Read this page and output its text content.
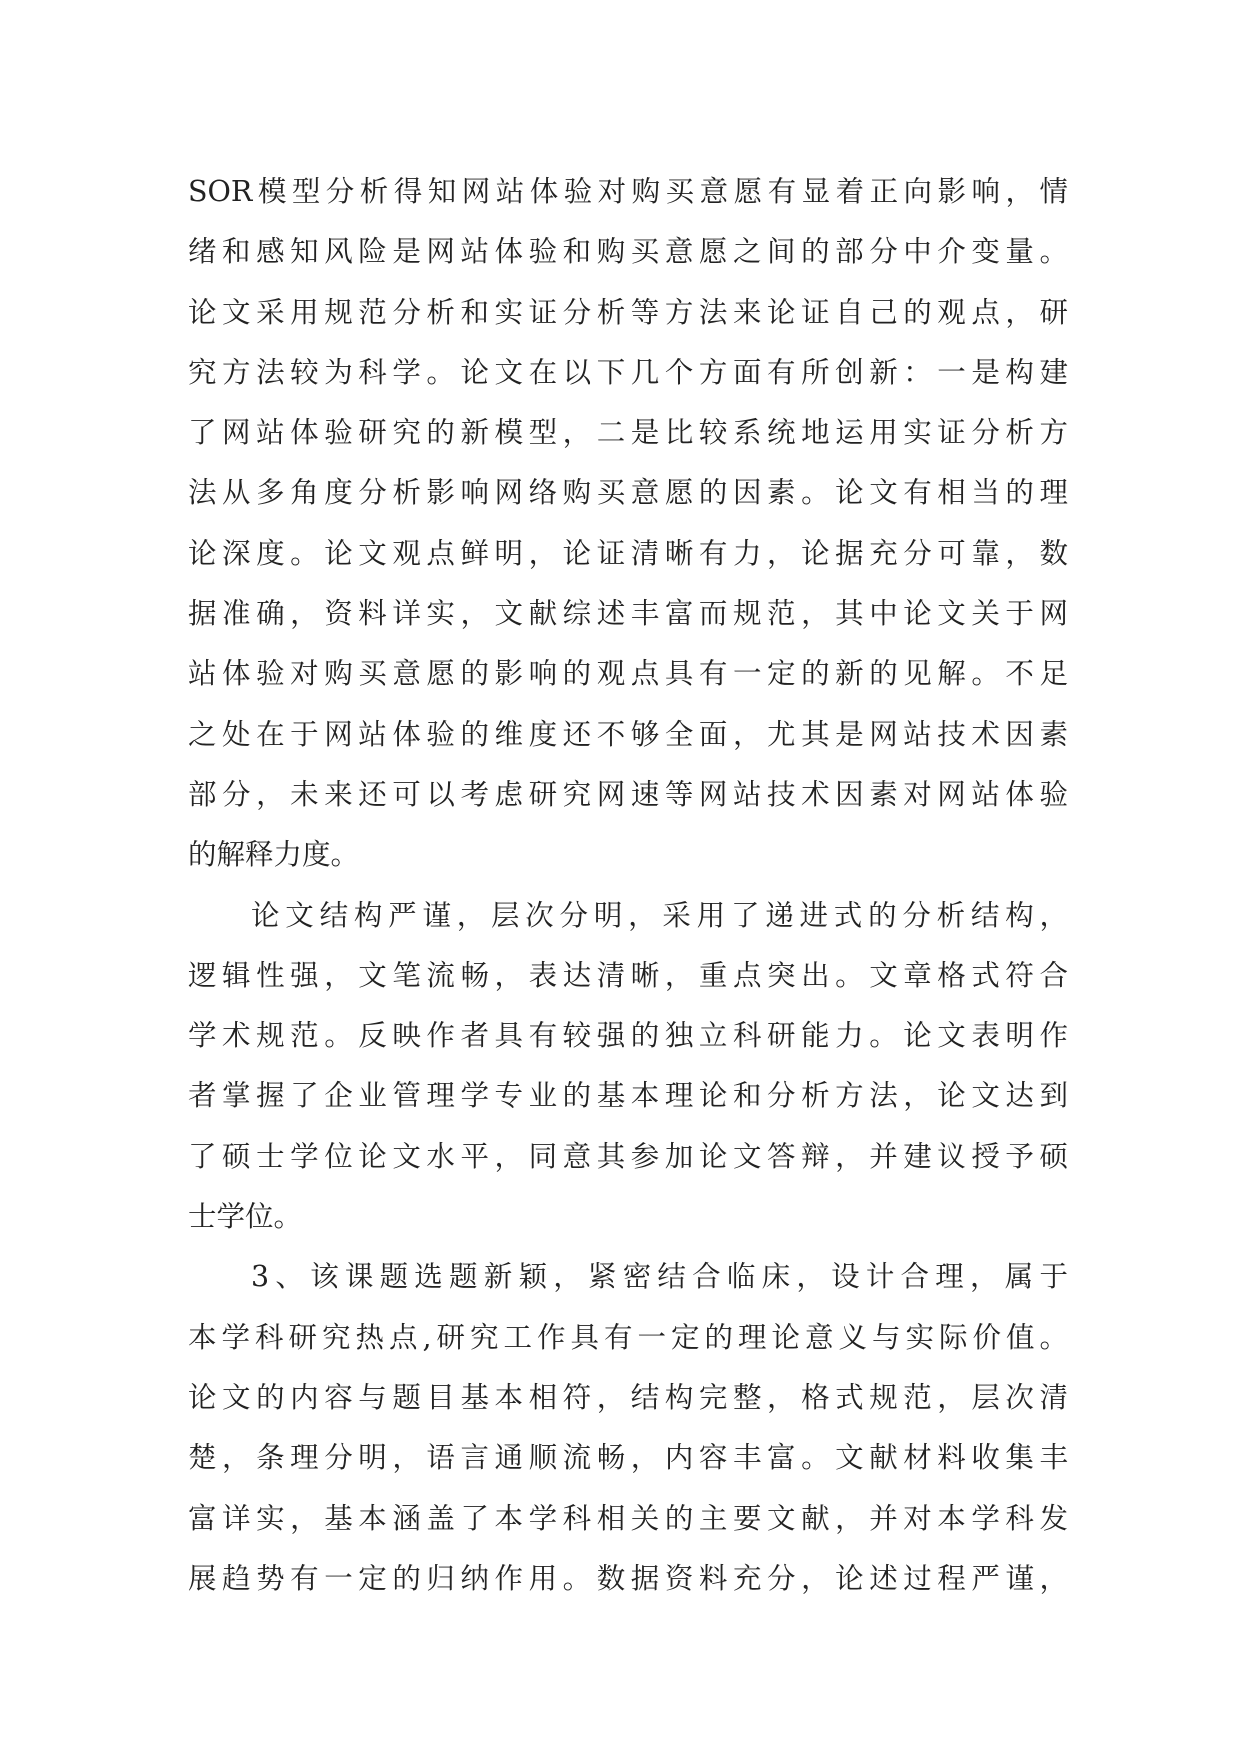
SOR模型分析得知网站体验对购买意愿有显着正向影响，情
绪和感知风险是网站体验和购买意愿之间的部分中介变量。
论文采用规范分析和实证分析等方法来论证自己的观点，研
究方法较为科学。论文在以下几个方面有所创新：一是构建
了网站体验研究的新模型，二是比较系统地运用实证分析方
法从多角度分析影响网络购买意愿的因素。论文有相当的理
论深度。论文观点鲜明，论证清晰有力，论据充分可靠，数
据准确，资料详实，文献综述丰富而规范，其中论文关于网
站体验对购买意愿的影响的观点具有一定的新的见解。不足
之处在于网站体验的维度还不够全面，尤其是网站技术因素
部分，未来还可以考虑研究网速等网站技术因素对网站体验
的解释力度。
论文结构严谨，层次分明，采用了递进式的分析结构，
逻辑性强，文笔流畅，表达清晰，重点突出。文章格式符合
学术规范。反映作者具有较强的独立科研能力。论文表明作
者掌握了企业管理学专业的基本理论和分析方法，论文达到
了硕士学位论文水平，同意其参加论文答辩，并建议授予硕
士学位。
3、该课题选题新颖，紧密结合临床，设计合理，属于
本学科研究热点,研究工作具有一定的理论意义与实际价值。
论文的内容与题目基本相符，结构完整，格式规范，层次清
楚，条理分明，语言通顺流畅，内容丰富。文献材料收集丰
富详实，基本涵盖了本学科相关的主要文献，并对本学科发
展趋势有一定的归纳作用。数据资料充分，论述过程严谨，
